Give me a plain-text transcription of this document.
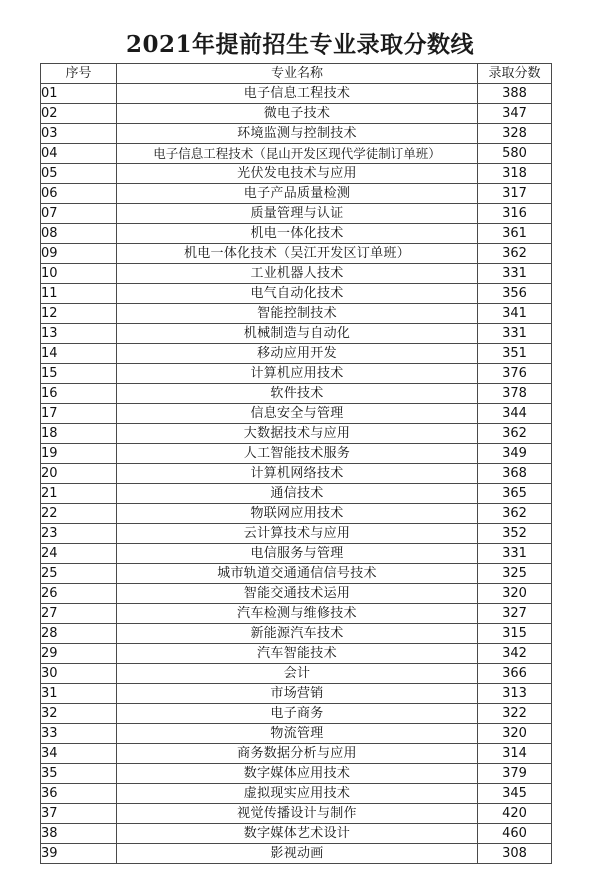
2021年提前招生专业录取分数线
序号	专业名称	录取分数
01	电子信息工程技术	388
02	微电子技术	347
03	环境监测与控制技术	328
04	电子信息工程技术（昆山开发区现代学徒制订单班）	580
05	光伏发电技术与应用	318
06	电子产品质量检测	317
07	质量管理与认证	316
08	机电一体化技术	361
09	机电一体化技术（吴江开发区订单班）	362
10	工业机器人技术	331
11	电气自动化技术	356
12	智能控制技术	341
13	机械制造与自动化	331
14	移动应用开发	351
15	计算机应用技术	376
16	软件技术	378
17	信息安全与管理	344
18	大数据技术与应用	362
19	人工智能技术服务	349
20	计算机网络技术	368
21	通信技术	365
22	物联网应用技术	362
23	云计算技术与应用	352
24	电信服务与管理	331
25	城市轨道交通通信信号技术	325
26	智能交通技术运用	320
27	汽车检测与维修技术	327
28	新能源汽车技术	315
29	汽车智能技术	342
30	会计	366
31	市场营销	313
32	电子商务	322
33	物流管理	320
34	商务数据分析与应用	314
35	数字媒体应用技术	379
36	虚拟现实应用技术	345
37	视觉传播设计与制作	420
38	数字媒体艺术设计	460
39	影视动画	308
